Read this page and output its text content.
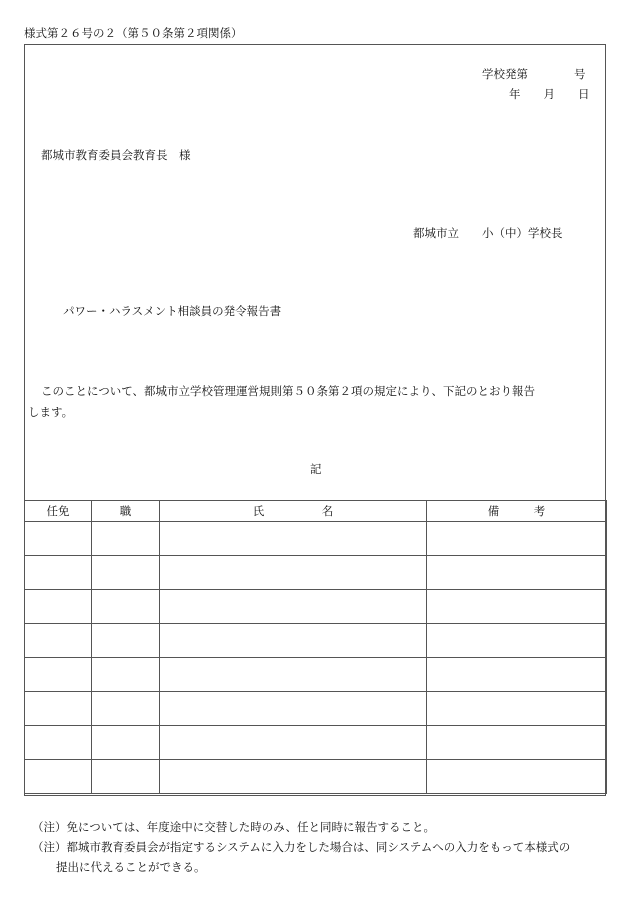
様式第２６号の２（第５０条第２項関係）
学校発第　　　　号
年　　月　　日
都城市教育委員会教育長　様
都城市立　　小（中）学校長
パワー・ハラスメント相談員の発令報告書
このことについて、都城市立学校管理運営規則第５０条第２項の規定により、下記のとおり報告
します。
記
任免	職	氏　　　　　名	備　　　考

（注）免については、年度途中に交替した時のみ、任と同時に報告すること。
（注）都城市教育委員会が指定するシステムに入力をした場合は、同システムへの入力をもって本様式の
提出に代えることができる。
